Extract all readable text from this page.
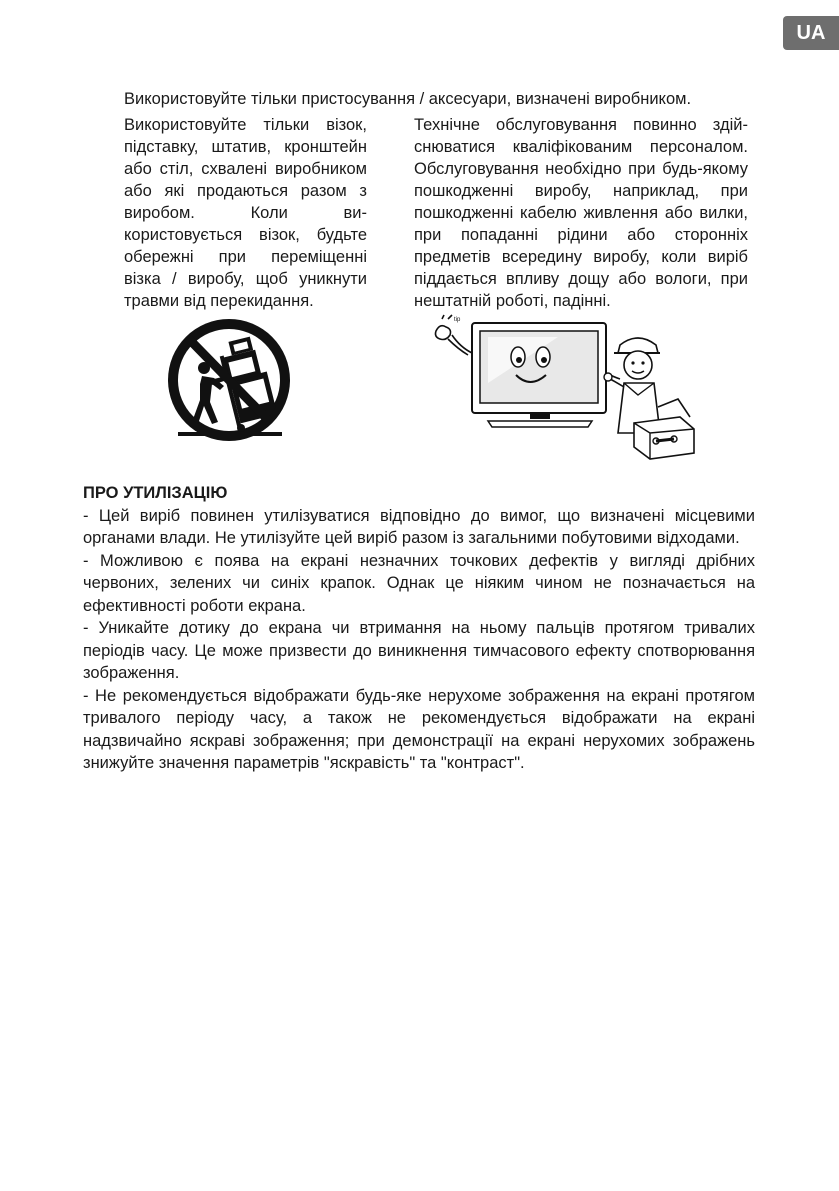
UA
Використовуйте тільки пристосування / аксесуари, визначені виробником.

Використовуйте тільки візок, підставку, штатив, кронштейн або стіл, схвалені виробником або які продаються разом з виробом. Коли використовується візок, будьте обережні при переміщенні візка / виробу, щоб уникнути травми від перекидання.

Технічне обслуговування повинно здійснюватися кваліфікованим персоналом. Обслуговування необхідно при будь-якому пошкодженні виробу, наприклад, при пошкодженні кабелю живлення або вилки, при попаданні рідини або сторонніх предметів всередину виробу, коли виріб піддається впливу дощу або вологи, при нештатній роботі, падінні.

tip
ПРО УТИЛІЗАЦІЮ

- Цей виріб повинен утилізуватися відповідно до вимог, що визначені місцевими органами влади. Не утилізуйте цей виріб разом із загальними побутовими відходами.

- Можливою є поява на екрані незначних точкових дефектів у вигляді дрібних червоних, зелених чи синіх крапок. Однак це ніяким чином не позначається на ефективності роботи екрана.

- Уникайте дотику до екрана чи втримання на ньому пальців протягом тривалих періодів часу. Це може призвести до виникнення тимчасового ефекту спотворювання зображення.

- Не рекомендується відображати будь-яке нерухоме зображення на екрані протягом тривалого періоду часу, а також не рекомендується відображати на екрані надзвичайно яскраві зображення; при демонстрації на екрані нерухомих зображень знижуйте значення параметрів "яскравість" та "контраст".
